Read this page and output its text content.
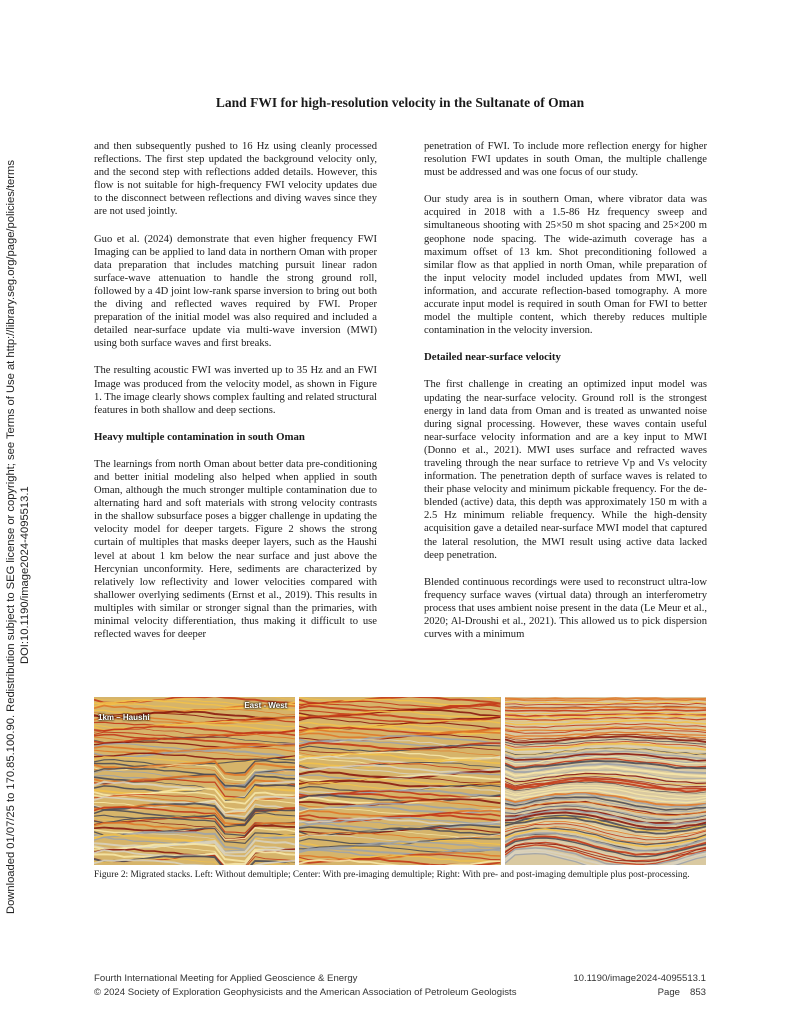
Downloaded 01/07/25 to 170.85.100.90. Redistribution subject to SEG license or copyright; see Terms of Use at http://library.seg.org/page/policies/terms DOI:10.1190/image2024-4095513.1
Land FWI for high-resolution velocity in the Sultanate of Oman

and then subsequently pushed to 16 Hz using cleanly processed reflections. The first step updated the background velocity only, and the second step with reflections added details. However, this flow is not suitable for high-frequency FWI velocity updates due to the disconnect between reflections and diving waves since they are not used jointly.

Guo et al. (2024) demonstrate that even higher frequency FWI Imaging can be applied to land data in northern Oman with proper data preparation that includes matching pursuit linear radon surface-wave attenuation to handle the strong ground roll, followed by a 4D joint low-rank sparse inversion to bring out both the diving and reflected waves required by FWI. Proper preparation of the initial model was also required and included a detailed near-surface update via multi-wave inversion (MWI) using both surface waves and first breaks.

The resulting acoustic FWI was inverted up to 35 Hz and an FWI Image was produced from the velocity model, as shown in Figure 1. The image clearly shows complex faulting and related structural features in both shallow and deep sections.

Heavy multiple contamination in south Oman

The learnings from north Oman about better data pre-conditioning and better initial modeling also helped when applied in south Oman, although the much stronger multiple contamination due to alternating hard and soft materials with strong velocity contrasts in the shallow subsurface poses a bigger challenge in updating the velocity model for deeper targets. Figure 2 shows the strong curtain of multiples that masks deeper layers, such as the Haushi level at about 1 km below the near surface and just above the Hercynian unconformity. Here, sediments are characterized by relatively low reflectivity and lower velocities compared with shallower overlying sediments (Ernst et al., 2019). This results in multiples with similar or stronger signal than the primaries, with minimal velocity differentiation, thus making it difficult to use reflected waves for deeper

penetration of FWI. To include more reflection energy for higher resolution FWI updates in south Oman, the multiple challenge must be addressed and was one focus of our study.

Our study area is in southern Oman, where vibrator data was acquired in 2018 with a 1.5-86 Hz frequency sweep and simultaneous shooting with 25×50 m shot spacing and 25×200 m geophone node spacing. The wide-azimuth coverage has a maximum offset of 13 km. Shot preconditioning followed a similar flow as that applied in north Oman, while preparation of the input velocity model included updates from MWI, well information, and accurate reflection-based tomography. A more accurate input model is required in south Oman for FWI to better model the multiple content, which thereby reduces multiple contamination in the velocity inversion.

Detailed near-surface velocity

The first challenge in creating an optimized input model was updating the near-surface velocity. Ground roll is the strongest energy in land data from Oman and is treated as unwanted noise during signal processing. However, these waves contain useful near-surface velocity information and are a key input to MWI (Donno et al., 2021). MWI uses surface and refracted waves traveling through the near surface to retrieve Vp and Vs velocity information. The penetration depth of surface waves is related to their phase velocity and minimum pickable frequency. For the de-blended (active) data, this depth was approximately 150 m with a 2.5 Hz minimum reliable frequency. While the high-density acquisition gave a detailed near-surface MWI model that captured the lateral resolution, the MWI result using active data lacked deep penetration.

Blended continuous recordings were used to reconstruct ultra-low frequency surface waves (virtual data) through an interferometry process that uses ambient noise present in the data (Le Meur et al., 2020; Al-Droushi et al., 2021). This allowed us to pick dispersion curves with a minimum

1km – Haushi
East - West
Figure 2: Migrated stacks. Left: Without demultiple; Center: With pre-imaging demultiple; Right: With pre- and post-imaging demultiple plus post-processing.
Fourth International Meeting for Applied Geoscience & Energy	10.1190/image2024-4095513.1
© 2024 Society of Exploration Geophysicists and the American Association of Petroleum Geologists	Page 853
